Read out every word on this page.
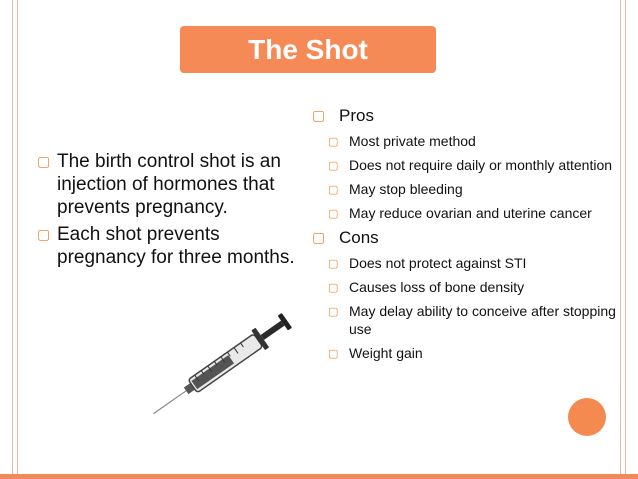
The Shot
▢ The birth control shot is an injection of hormones that prevents pregnancy.
▢ Each shot prevents pregnancy for three months.
▢ Pros
▢ Most private method
▢ Does not require daily or monthly attention
▢ May stop bleeding
▢ May reduce ovarian and uterine cancer
▢ Cons
▢ Does not protect against STI
▢ Causes loss of bone density
▢ May delay ability to conceive after stopping use
▢ Weight gain
